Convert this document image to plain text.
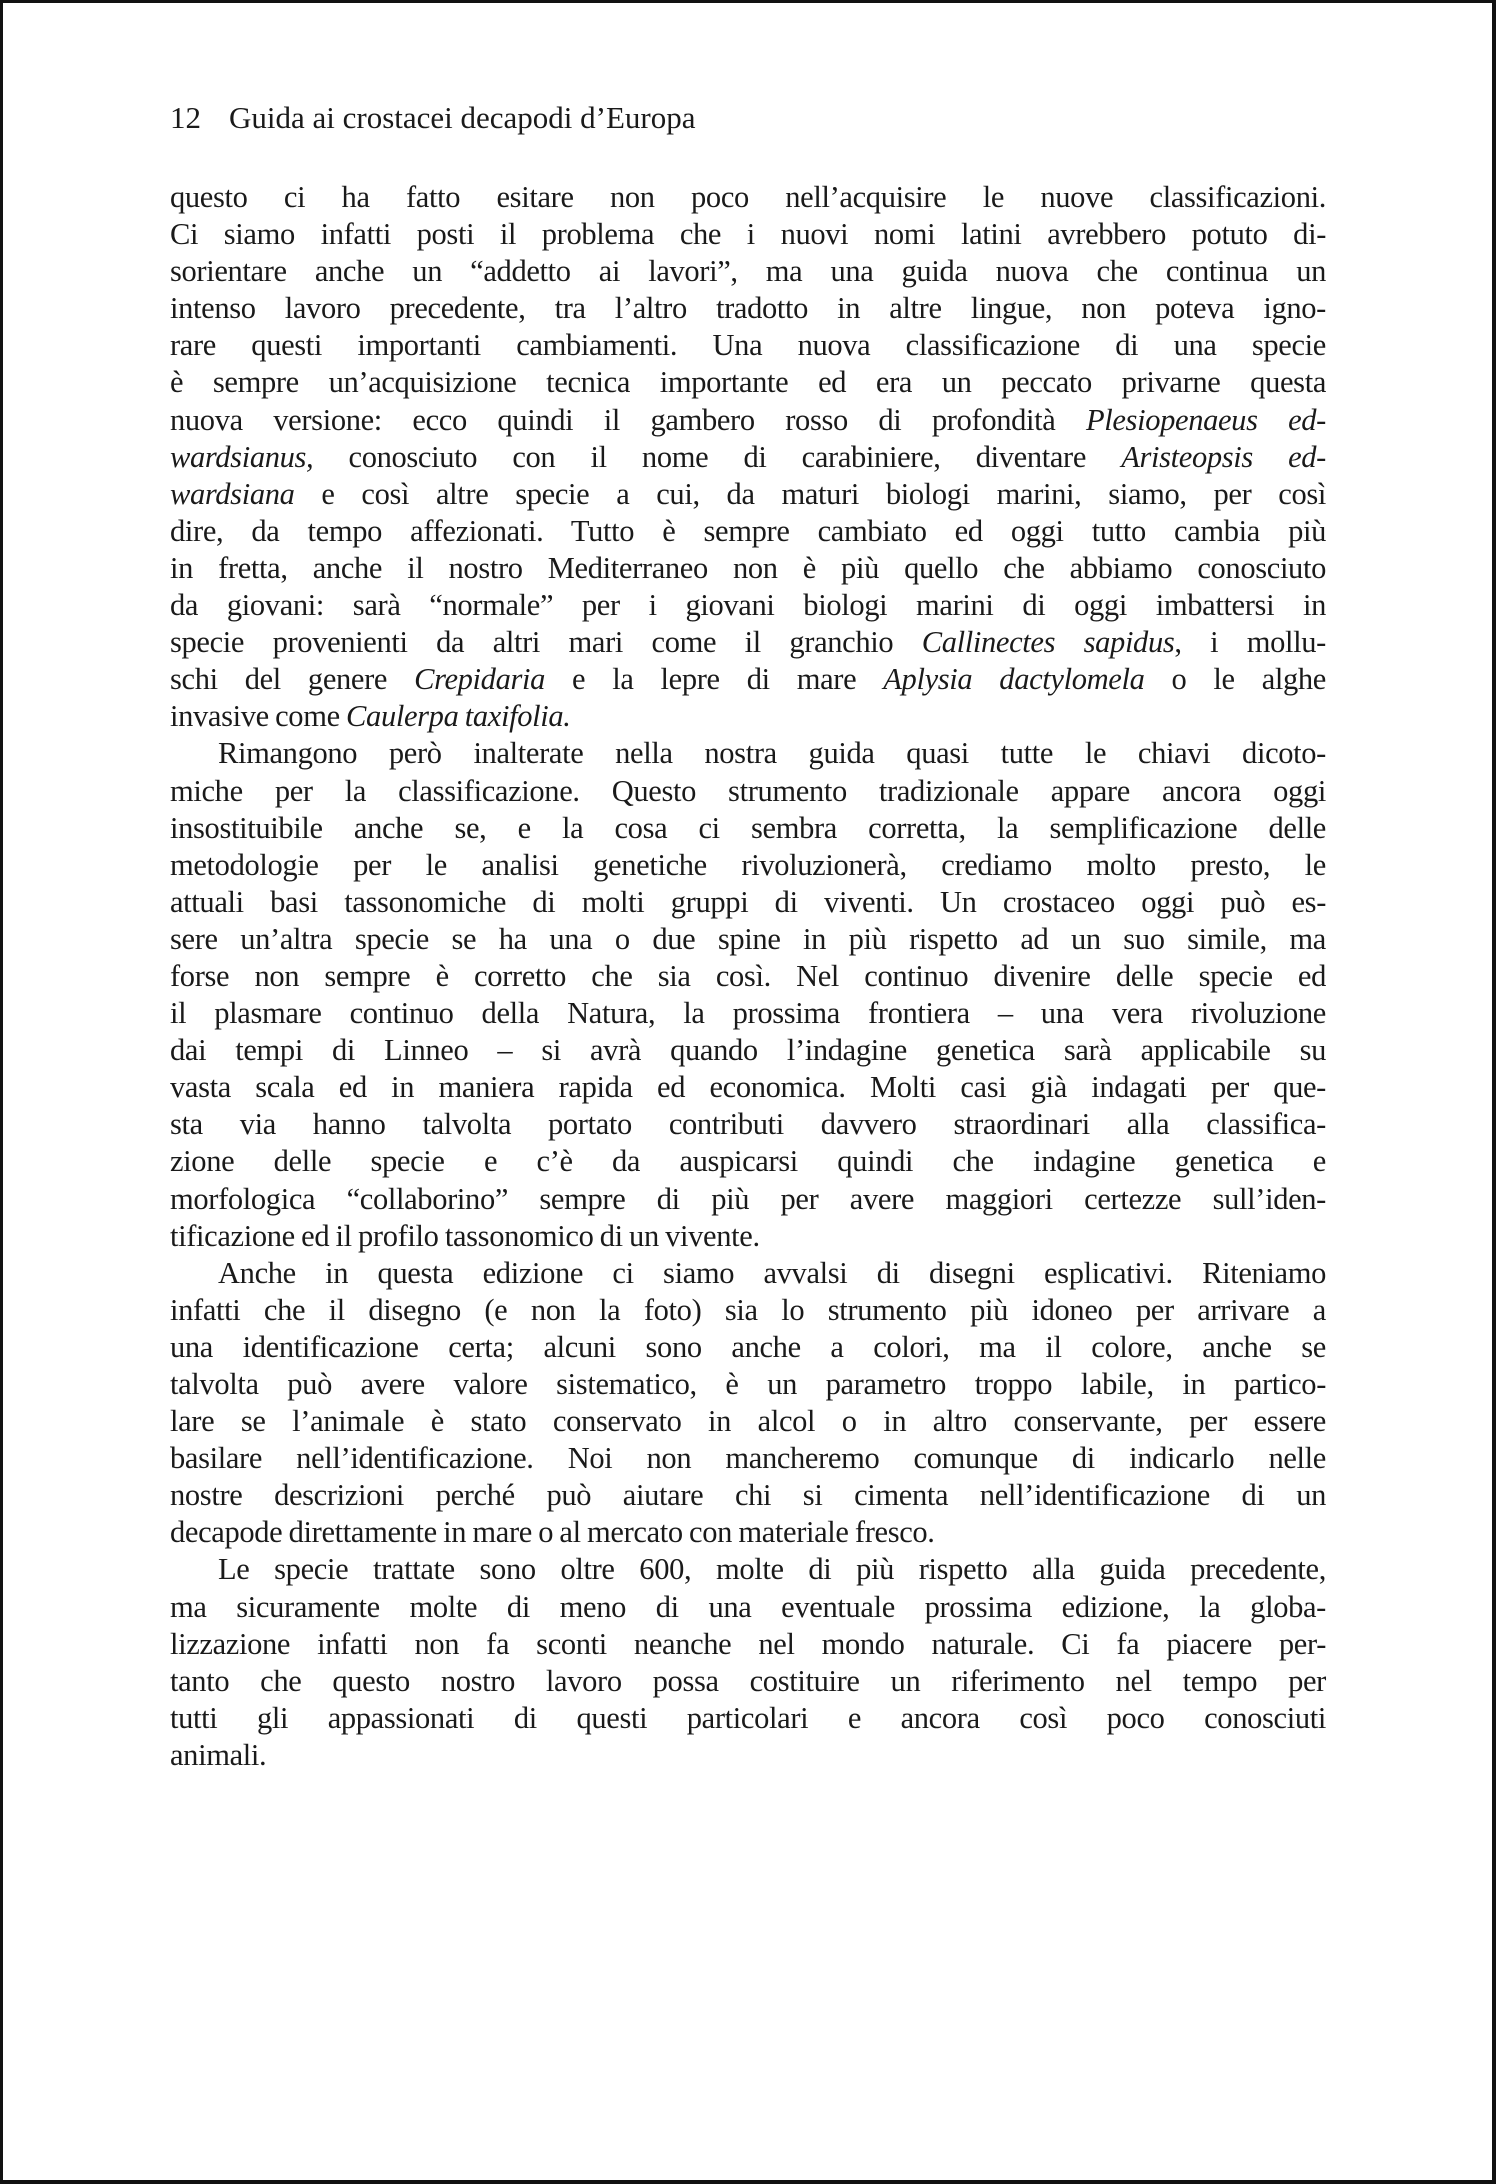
12 Guida ai crostacei decapodi d’Europa
questo ci ha fatto esitare non poco nell’acquisire le nuove classificazioni.
Ci siamo infatti posti il problema che i nuovi nomi latini avrebbero potuto di-
sorientare anche un “addetto ai lavori”, ma una guida nuova che continua un
intenso lavoro precedente, tra l’altro tradotto in altre lingue, non poteva igno-
rare questi importanti cambiamenti. Una nuova classificazione di una specie
è sempre un’acquisizione tecnica importante ed era un peccato privarne questa
nuova versione: ecco quindi il gambero rosso di profondità Plesiopenaeus ed-
wardsianus, conosciuto con il nome di carabiniere, diventare Aristeopsis ed-
wardsiana e così altre specie a cui, da maturi biologi marini, siamo, per così
dire, da tempo affezionati. Tutto è sempre cambiato ed oggi tutto cambia più
in fretta, anche il nostro Mediterraneo non è più quello che abbiamo conosciuto
da giovani: sarà “normale” per i giovani biologi marini di oggi imbattersi in
specie provenienti da altri mari come il granchio Callinectes sapidus, i mollu-
schi del genere Crepidaria e la lepre di mare Aplysia dactylomela o le alghe
invasive come Caulerpa taxifolia.
Rimangono però inalterate nella nostra guida quasi tutte le chiavi dicoto-
miche per la classificazione. Questo strumento tradizionale appare ancora oggi
insostituibile anche se, e la cosa ci sembra corretta, la semplificazione delle
metodologie per le analisi genetiche rivoluzionerà, crediamo molto presto, le
attuali basi tassonomiche di molti gruppi di viventi. Un crostaceo oggi può es-
sere un’altra specie se ha una o due spine in più rispetto ad un suo simile, ma
forse non sempre è corretto che sia così. Nel continuo divenire delle specie ed
il plasmare continuo della Natura, la prossima frontiera – una vera rivoluzione
dai tempi di Linneo – si avrà quando l’indagine genetica sarà applicabile su
vasta scala ed in maniera rapida ed economica. Molti casi già indagati per que-
sta via hanno talvolta portato contributi davvero straordinari alla classifica-
zione delle specie e c’è da auspicarsi quindi che indagine genetica e
morfologica “collaborino” sempre di più per avere maggiori certezze sull’iden-
tificazione ed il profilo tassonomico di un vivente.
Anche in questa edizione ci siamo avvalsi di disegni esplicativi. Riteniamo
infatti che il disegno (e non la foto) sia lo strumento più idoneo per arrivare a
una identificazione certa; alcuni sono anche a colori, ma il colore, anche se
talvolta può avere valore sistematico, è un parametro troppo labile, in partico-
lare se l’animale è stato conservato in alcol o in altro conservante, per essere
basilare nell’identificazione. Noi non mancheremo comunque di indicarlo nelle
nostre descrizioni perché può aiutare chi si cimenta nell’identificazione di un
decapode direttamente in mare o al mercato con materiale fresco.
Le specie trattate sono oltre 600, molte di più rispetto alla guida precedente,
ma sicuramente molte di meno di una eventuale prossima edizione, la globa-
lizzazione infatti non fa sconti neanche nel mondo naturale. Ci fa piacere per-
tanto che questo nostro lavoro possa costituire un riferimento nel tempo per
tutti gli appassionati di questi particolari e ancora così poco conosciuti
animali.
